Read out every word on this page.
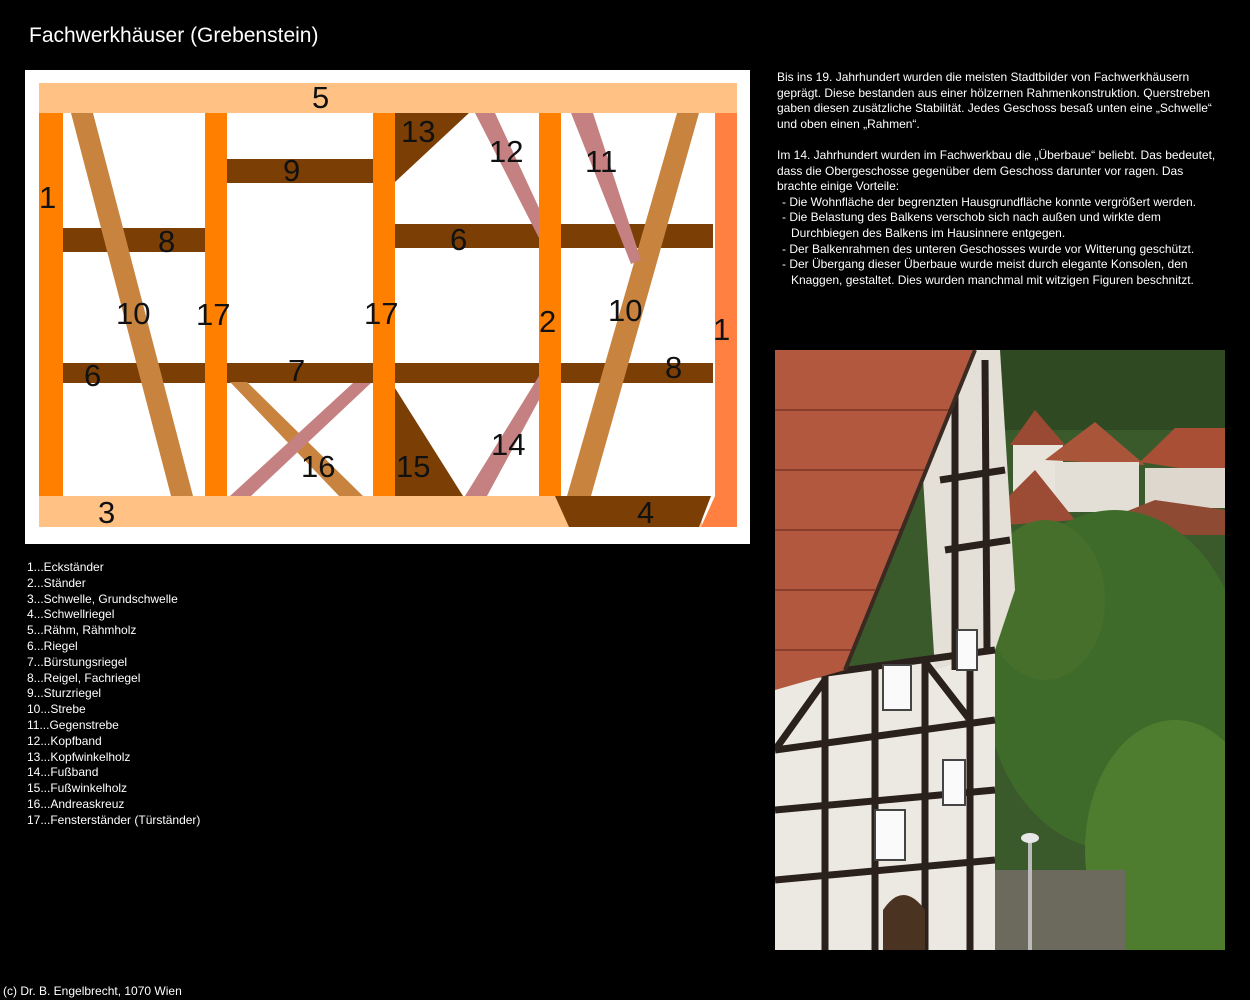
Fachwerkhäuser (Grebenstein)
5
1
8
10 17
9
13
17
6
12 11
2 10
1
6	7
16 15
14
8
3	4
1...Eckständer
2...Ständer
3...Schwelle, Grundschwelle
4...Schwellriegel
5...Rähm, Rähmholz
6...Riegel
7...Bürstungsriegel
8...Reigel, Fachriegel
9...Sturzriegel
10...Strebe
11...Gegenstrebe
12...Kopfband
13...Kopfwinkelholz
14...Fußband
15...Fußwinkelholz
16...Andreaskreuz
17...Fensterständer (Türständer)

Bis ins 19. Jahrhundert wurden die meisten Stadtbilder von Fachwerkhäusern geprägt. Diese bestanden aus einer hölzernen Rahmenkonstruktion. Querstreben gaben diesen zusätzliche Stabilität. Jedes Geschoss besaß unten eine „Schwelle“ und oben einen „Rahmen“.

Im 14. Jahrhundert wurden im Fachwerkbau die „Überbaue“ beliebt. Das bedeutet, dass die Obergeschosse gegenüber dem Geschoss darunter vor ragen. Das brachte einige Vorteile:

- Die Wohnfläche der begrenzten Hausgrundfläche konnte vergrößert werden.
- Die Belastung des Balkens verschob sich nach außen und wirkte dem Durchbiegen des Balkens im Hausinnere entgegen.
- Der Balkenrahmen des unteren Geschosses wurde vor Witterung geschützt.
- Der Übergang dieser Überbaue wurde meist durch elegante Konsolen, den Knaggen, gestaltet. Dies wurden manchmal mit witzigen Figuren beschnitzt.
(c) Dr. B. Engelbrecht, 1070 Wien
